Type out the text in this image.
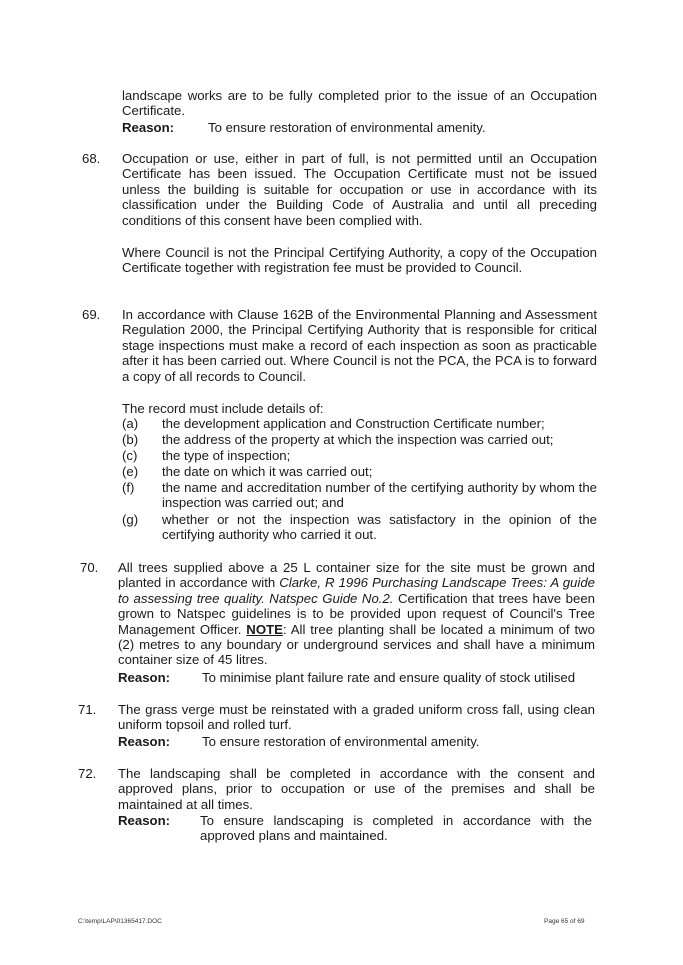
landscape works are to be fully completed prior to the issue of an Occupation Certificate.
Reason:	To ensure restoration of environmental amenity.
68. Occupation or use, either in part of full, is not permitted until an Occupation Certificate has been issued. The Occupation Certificate must not be issued unless the building is suitable for occupation or use in accordance with its classification under the Building Code of Australia and until all preceding conditions of this consent have been complied with.
Where Council is not the Principal Certifying Authority, a copy of the Occupation Certificate together with registration fee must be provided to Council.
69. In accordance with Clause 162B of the Environmental Planning and Assessment Regulation 2000, the Principal Certifying Authority that is responsible for critical stage inspections must make a record of each inspection as soon as practicable after it has been carried out. Where Council is not the PCA, the PCA is to forward a copy of all records to Council.
The record must include details of:
(a) the development application and Construction Certificate number;
(b) the address of the property at which the inspection was carried out;
(c) the type of inspection;
(e) the date on which it was carried out;
(f) the name and accreditation number of the certifying authority by whom the inspection was carried out; and
(g) whether or not the inspection was satisfactory in the opinion of the certifying authority who carried it out.
70. All trees supplied above a 25 L container size for the site must be grown and planted in accordance with Clarke, R 1996 Purchasing Landscape Trees: A guide to assessing tree quality. Natspec Guide No.2. Certification that trees have been grown to Natspec guidelines is to be provided upon request of Council's Tree Management Officer. NOTE: All tree planting shall be located a minimum of two (2) metres to any boundary or underground services and shall have a minimum container size of 45 litres.
Reason: To minimise plant failure rate and ensure quality of stock utilised
71. The grass verge must be reinstated with a graded uniform cross fall, using clean uniform topsoil and rolled turf.
Reason: To ensure restoration of environmental amenity.
72. The landscaping shall be completed in accordance with the consent and approved plans, prior to occupation or use of the premises and shall be maintained at all times.
Reason: To ensure landscaping is completed in accordance with the approved plans and maintained.
C:\temp\LAP\01365417.DOC	Page 65 of 69
